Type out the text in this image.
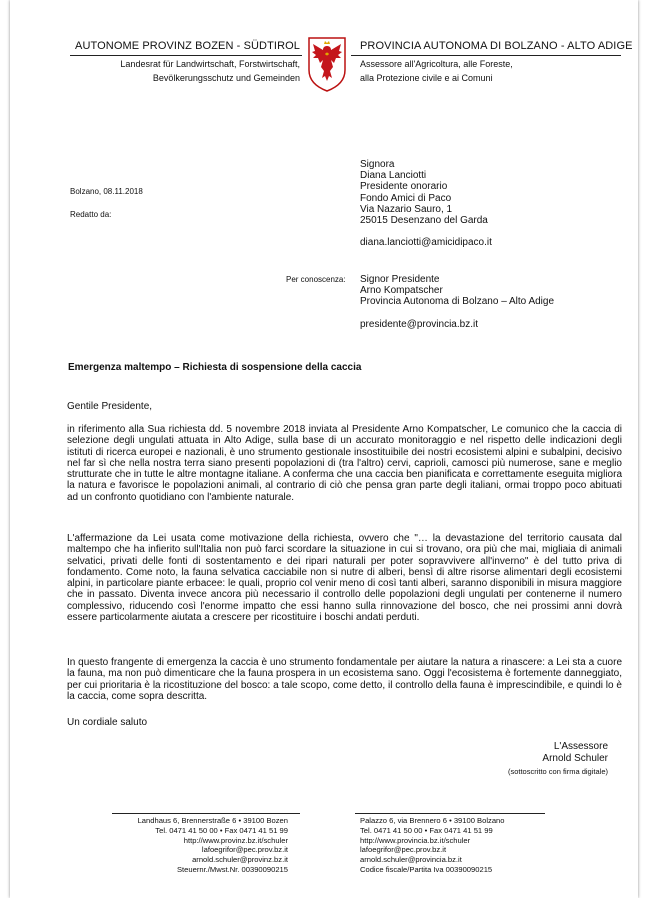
AUTONOME PROVINZ BOZEN - SÜDTIROL
Landesrat für Landwirtschaft, Forstwirtschaft,
Bevölkerungsschutz und Gemeinden
PROVINCIA AUTONOMA DI BOLZANO - ALTO ADIGE
Assessore all'Agricoltura, alle Foreste,
alla Protezione civile e ai Comuni
Signora
Diana Lanciotti
Presidente onorario
Fondo Amici di Paco
Via Nazario Sauro, 1
25015 Desenzano del Garda
diana.lanciotti@amicidipaco.it
Bolzano, 08.11.2018
Redatto da:
Per conoscenza: Signor Presidente
Arno Kompatscher
Provincia Autonoma di Bolzano – Alto Adige
presidente@provincia.bz.it
Emergenza maltempo – Richiesta di sospensione della caccia
Gentile Presidente,
in riferimento alla Sua richiesta dd. 5 novembre 2018 inviata al Presidente Arno Kompatscher, Le comunico che la caccia di selezione degli ungulati attuata in Alto Adige, sulla base di un accurato monitoraggio e nel rispetto delle indicazioni degli istituti di ricerca europei e nazionali, è uno strumento gestionale insostituibile dei nostri ecosistemi alpini e subalpini, decisivo nel far sì che nella nostra terra siano presenti popolazioni di (tra l'altro) cervi, caprioli, camosci più numerose, sane e meglio strutturate che in tutte le altre montagne italiane. A conferma che una caccia ben pianificata e correttamente eseguita migliora la natura e favorisce le popolazioni animali, al contrario di ciò che pensa gran parte degli italiani, ormai troppo poco abituati ad un confronto quotidiano con l'ambiente naturale.
L'affermazione da Lei usata come motivazione della richiesta, ovvero che "… la devastazione del territorio causata dal maltempo che ha infierito sull'Italia non può farci scordare la situazione in cui si trovano, ora più che mai, migliaia di animali selvatici, privati delle fonti di sostentamento e dei ripari naturali per poter sopravvivere all'inverno" è del tutto priva di fondamento. Come noto, la fauna selvatica cacciabile non si nutre di alberi, bensì di altre risorse alimentari degli ecosistemi alpini, in particolare piante erbacee: le quali, proprio col venir meno di così tanti alberi, saranno disponibili in misura maggiore che in passato. Diventa invece ancora più necessario il controllo delle popolazioni degli ungulati per contenerne il numero complessivo, riducendo così l'enorme impatto che essi hanno sulla rinnovazione del bosco, che nei prossimi anni dovrà essere particolarmente aiutata a crescere per ricostituire i boschi andati perduti.
In questo frangente di emergenza la caccia è uno strumento fondamentale per aiutare la natura a rinascere: a Lei sta a cuore la fauna, ma non può dimenticare che la fauna prospera in un ecosistema sano. Oggi l'ecosistema è fortemente danneggiato, per cui prioritaria è la ricostituzione del bosco: a tale scopo, come detto, il controllo della fauna è imprescindibile, e quindi lo è la caccia, come sopra descritta.
Un cordiale saluto
L'Assessore
Arnold Schuler
(sottoscritto con firma digitale)
Landhaus 6, Brennerstraße 6 • 39100 Bozen
Tel. 0471 41 50 00 • Fax 0471 41 51 99
http://www.provinz.bz.it/schuler
lafoegrifor@pec.prov.bz.it
arnold.schuler@provinz.bz.it
Steuernr./Mwst.Nr. 00390090215
Palazzo 6, via Brennero 6 • 39100 Bolzano
Tel. 0471 41 50 00 • Fax 0471 41 51 99
http://www.provincia.bz.it/schuler
lafoegrifor@pec.prov.bz.it
arnold.schuler@provincia.bz.it
Codice fiscale/Partita Iva 00390090215
